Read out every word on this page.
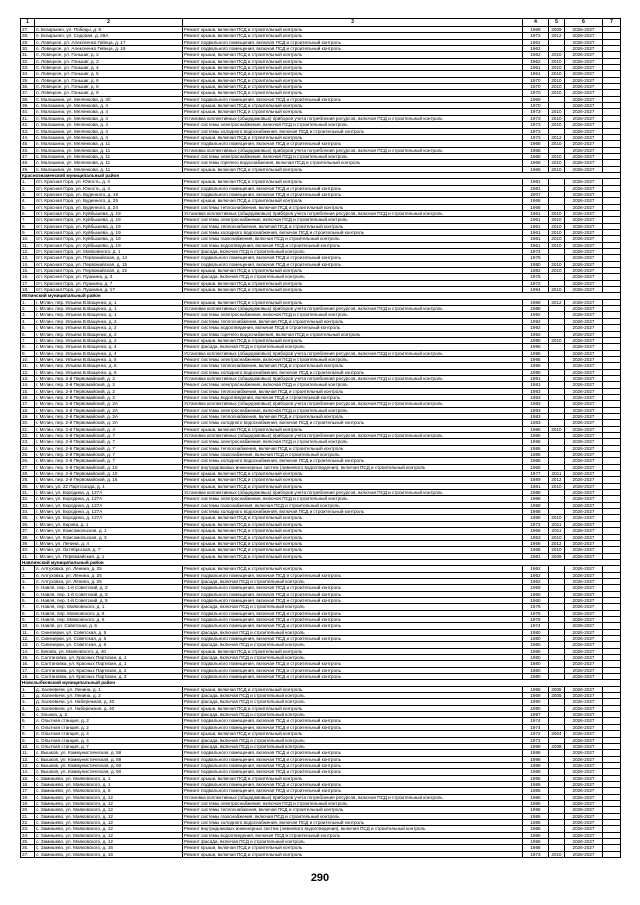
1	2	3	4	5	6	7
27.	п. Бозарьино, ул. Победы, д. 8	Ремонт крыши, включая ПСД и строительный контроль	1989	2009	2026-2027	
28.	п. Бозарьино, ул. Садовая, д. 29А	Ремонт крыши, включая ПСД и строительный контроль	1973	2012	2026-2027	
29.	п. Ловецкое, ул. Алексеенко Гейнца, д. 17	Ремонт подвального помещения, включая ПСД и строительный контроль	1962		2026-2027	
30.	п. Ловецкое, ул. Алексеенко Гейнца, д. 19	Ремонт подвального помещения, включая ПСД и строительный контроль	1962		2026-2027	
31.	п. Ловецкое, ул. Гоньшиг, д. 2	Ремонт крыши, включая ПСД и строительный контроль	1962	2010	2026-2027	
32.	п. Ловецкое, ул. Гоньшиг, д. 2	Ремонт крыши, включая ПСД и строительный контроль	1962	2010	2026-2027	
33.	п. Ловецкое, ул. Гоньшиг, д. 4	Ремонт крыши, включая ПСД и строительный контроль	1961	2010	2026-2027	
34.	п. Ловецкое, ул. Гоньшиг, д. 5	Ремонт крыши, включая ПСД и строительный контроль	1961	2010	2026-2027	
35.	п. Ловецкое, ул. Гоньшиг, д. 6	Ремонт крыши, включая ПСД и строительный контроль	1970	2010	2026-2027	
36.	п. Ловецкое, ул. Гоньшиг, д. 8	Ремонт крыши, включая ПСД и строительный контроль	1970	2010	2026-2027	
37.	п. Ловецкое, ул. Гоньшиг, д. 9	Ремонт крыши, включая ПСД и строительный контроль	1970	2010	2026-2027	
38.	п. Малашина, ул. Меленкова, д. 3б	Ремонт подвального помещения, включая ПСД и строительный контроль	1969		2026-2027	
39.	п. Малашина, ул. Меленкова, д. 4	Ремонт крыши, включая ПСД и строительный контроль	1970		2026-2027	
40.	п. Малашина, ул. Меленкова, д. 4	Ремонт крыши, включая ПСД и строительный контроль	1973	2010	2026-2027	
41.	п. Малашина, ул. Меленкова, д. 4	Установка коллективных (общедомовых) приборов учета потребления ресурсов, включая ПСД и строительный контроль	1973	2010	2026-2027	
42.	п. Малашина, ул. Меленкова, д. 4	Ремонт системы электроснабжения, включая ПСД и строительный контроль	1973	2010	2026-2027	
43.	п. Малашина, ул. Меленкова, д. 4	Ремонт системы холодного водоснабжения, включая ПСД и строительный контроль	1973		2026-2027	
44.	п. Малашина, ул. Меленкова, д. 4	Ремонт крыши, включая ПСД и строительный контроль	1973	2012	2026-2027	
45.	п. Малашина, ул. Меленкова, д. 11	Ремонт подвального помещения, включая ПСД и строительный контроль	1968	2010	2026-2027	
46.	п. Малашина, ул. Меленкова, д. 11	Установка коллективных (общедомовых) приборов учета потребления ресурсов, включая ПСД и строительный контроль	1968		2026-2027	
47.	п. Малашина, ул. Меленкова, д. 11	Ремонт системы электроснабжения, включая ПСД и строительный контроль	1968	2010	2026-2027	
48.	п. Малашина, ул. Меленкова, д. 11	Ремонт системы горячего водоснабжения, включая ПСД и строительный контроль	1968	2010	2026-2027	
49.	п. Малашина, ул. Меленкова, д. 11	Ремонт крыши, включая ПСД и строительный контроль	1968	2010	2026-2027	
Краснознаменский муниципальный район						
1.	пгт. Красная Гора, ул. Юность, д. 4	Ремонт крыши, включая ПСД и строительный контроль	1981		2026-2027	
2.	пгт. Красная Гора, ул. Юность, д. 4	Ремонт подвального помещения, включая ПСД и строительный контроль	1981		2026-2027	
3.	пгт. Красная Гора, ул. Буденного, д. 16	Ремонт подвального помещения, включая ПСД и строительный контроль	2007		2026-2027	
4.	пгт. Красная Гора, ул. Буденного, д. 25	Ремонт крыши, включая ПСД и строительный контроль	1968		2026-2027	
5.	пгт. Красная Гора, ул. Буденного, д. 24	Ремонт системы теплоснабжения, включая ПСД и строительный контроль	1968		2026-2027	
6.	пгт. Красная Гора, ул. Куйбышева, д. 19	Установка коллективных (общедомовых) приборов учета потребления ресурсов, включая ПСД и строительный контроль	1961	2010	2026-2027	
7.	пгт. Красная Гора, ул. Куйбышева, д. 19	Ремонт системы электроснабжения, включая ПСД и строительный контроль	1961	2010	2026-2027	
8.	пгт. Красная Гора, ул. Куйбышева, д. 19	Ремонт системы теплоснабжения, включая ПСД и строительный контроль	1961	2010	2026-2027	
9.	пгт. Красная Гора, ул. Куйбышева, д. 19	Ремонт системы холодного водоснабжения, включая ПСД и строительный контроль	1961	2010	2026-2027	
10.	пгт. Красная Гора, ул. Куйбышева, д. 19	Ремонт системы газоснабжения, включая ПСД и строительный контроль	1961	2010	2026-2027	
11.	пгт. Красная Гора, ул. Куйбышева, д. 19	Ремонт системы водоотведения, включая ПСД и строительный контроль	1961	2010	2026-2027	
12.	пгт. Красная Гора, ул. Маяковского, д. 1	Ремонт фасада, включая ПСД и строительный контроль	1974		2026-2027	
13.	пгт. Красная Гора, ул. Первомайская, д. 14	Ремонт подвального помещения, включая ПСД и строительный контроль	1976		2026-2027	
14.	пгт. Красная Гора, ул. Первомайская, д. 15	Ремонт подвального помещения, включая ПСД и строительный контроль	1980	2010	2026-2027	
15.	пгт. Красная Гора, ул. Первомайская, д. 22	Ремонт крыши, включая ПСД и строительный контроль	1982	2010	2026-2027	
16.	пгт. Красная Гора, ул. Пушкина, д. 3	Ремонт фасада, включая ПСД и строительный контроль	1976		2026-2027	
17.	пгт. Красная Гора, ул. Пушкина, д. 7	Ремонт крыши, включая ПСД и строительный контроль	1972		2026-2027	
18.	пгт. Красная Гора, ул. Пушкина, д. 17	Ремонт крыши, включая ПСД и строительный контроль	1994	2010	2026-2027	
Мглинский муниципальный район						
1.	г. Мглин, пер. Ильина В.Ващенко, д. 1	Ремонт крыши, включая ПСД и строительный контроль	1988	2012	2026-2027	
2.	г. Мглин, пер. Ильина В.Ващенко, д. 1	Установка коллективных (общедомовых) приборов учета потребления ресурсов, включая ПСД и строительный контроль	1988		2026-2027	
3.	г. Мглин, пер. Ильина В.Ващенко, д. 1	Ремонт системы электроснабжения, включая ПСД и строительный контроль	1992		2026-2027	
4.	г. Мглин, пер. Ильина В.Ващенко, д. 2	Ремонт системы теплоснабжения, включая ПСД и строительный контроль	1992		2026-2027	
5.	г. Мглин, пер. Ильина В.Ващенко, д. 2	Ремонт системы водоотведения, включая ПСД и строительный контроль	1992		2026-2027	
6.	г. Мглин, пер. Ильина В.Ващенко, д. 2	Ремонт системы горячего водоснабжения, включая ПСД и строительный контроль	1992		2026-2027	
7.	г. Мглин, пер. Ильина В.Ващенко, д. 2	Ремонт крыши, включая ПСД и строительный контроль	1995	2010	2026-2027	
8.	г. Мглин, пер. Ильина В.Ващенко, д. 4	Ремонт фасада, включая ПСД и строительный контроль	1995		2026-2027	
9.	г. Мглин, пер. Ильина В.Ващенко, д. 4	Установка коллективных (общедомовых) приборов учета потребления ресурсов, включая ПСД и строительный контроль	1995		2026-2027	
10.	г. Мглин, пер. Ильина В.Ващенко, д. 5	Ремонт системы электроснабжения, включая ПСД и строительный контроль	1995		2026-2027	
11.	г. Мглин, пер. Ильина В.Ващенко, д. 6	Ремонт системы теплоснабжения, включая ПСД и строительный контроль	1995		2026-2027	
12.	г. Мглин, пер. Ильина В.Ващенко, д. 6	Ремонт системы холодного водоснабжения, включая ПСД и строительный контроль	1995		2026-2027	
13.	г. Мглин, пер. 2-й Первомайский, д. 2	Установка коллективных (общедомовых) приборов учета потребления ресурсов, включая ПСД и строительный контроль	1981		2026-2027	
14.	г. Мглин, пер. 2-й Первомайский, д. 2	Ремонт системы электроснабжения, включая ПСД и строительный контроль	1981		2026-2027	
15.	г. Мглин, пер. 2-й Первомайский, д. 2	Ремонт системы теплоснабжения, включая ПСД и строительный контроль	1983		2026-2027	
16.	г. Мглин, пер. 2-й Первомайский, д. 2	Ремонт системы водоотведения, включая ПСД и строительный контроль	1983		2026-2027	
17.	г. Мглин, пер. 2-й Первомайский, д. 2А	Установка коллективных (общедомовых) приборов учета потребления ресурсов, включая ПСД и строительный контроль	1983		2026-2027	
18.	г. Мглин, пер. 2-й Первомайский, д. 2А	Ремонт системы электроснабжения, включая ПСД и строительный контроль	1983		2026-2027	
19.	г. Мглин, пер. 2-й Первомайский, д. 2А	Ремонт системы теплоснабжения, включая ПСД и строительный контроль	1983		2026-2027	
20.	г. Мглин, пер. 2-й Первомайский, д. 2А	Ремонт системы холодного водоснабжения, включая ПСД и строительный контроль	1983		2026-2027	
21.	г. Мглин, пер. 2-й Первомайский, д. 4	Ремонт крыши, включая ПСД и строительный контроль	1986	2010	2026-2027	
22.	г. Мглин, пер. 2-й Первомайский, д. 7	Установка коллективных (общедомовых) приборов учета потребления ресурсов, включая ПСД и строительный контроль	1986		2026-2027	
23.	г. Мглин, пер. 2-й Первомайский, д. 7	Ремонт системы электроснабжения, включая ПСД и строительный контроль	1986		2026-2027	
24.	г. Мглин, пер. 2-й Первомайский, д. 7	Ремонт системы теплоснабжения, включая ПСД и строительный контроль	1986		2026-2027	
25.	г. Мглин, пер. 2-й Первомайский, д. 7	Ремонт системы газоснабжения, включая ПСД и строительный контроль	1986		2026-2027	
26.	г. Мглин, пер. 2-й Первомайский, д. 7	Ремонт системы холодного водоснабжения, включая ПСД и строительный контроль	1986		2026-2027	
27.	г. Мглин, пер. 2-й Первомайский, д. 10	Ремонт внутридомовых инженерных систем (ливневого водоотведения), включая ПСД и строительный контроль	1966		2026-2027	
28.	г. Мглин, пер. 2-й Первомайский, д. 10	Ремонт крыши, включая ПСД и строительный контроль	1977	2011	2026-2027	
29.	г. Мглин, пер. 2-й Первомайский, д. 16	Ремонт крыши, включая ПСД и строительный контроль	1989	2012	2026-2027	
30.	г. Мглин, ул. 22 Партсъезда, д. 1	Ремонт крыши, включая ПСД и строительный контроль	1981	2010	2026-2027	
31.	г. Мглин, ул. Бородина, д. 127А	Установка коллективных (общедомовых) приборов учета потребления ресурсов, включая ПСД и строительный контроль	1988		2026-2027	
32.	г. Мглин, ул. Бородина, д. 127А	Ремонт системы электроснабжения, включая ПСД и строительный контроль	1988		2026-2027	
33.	г. Мглин, ул. Бородина, д. 127А	Ремонт системы газоснабжения, включая ПСД и строительный контроль	1988		2026-2027	
34.	г. Мглин, ул. Бородина, д. 127А	Ремонт системы холодного водоснабжения, включая ПСД и строительный контроль	1988		2026-2027	
35.	г. Мглин, ул. Бородина, д. 127А	Ремонт крыши, включая ПСД и строительный контроль	1988	2010	2026-2027	
36.	г. Мглин, ул. Кирова, д. 1	Ремонт крыши, включая ПСД и строительный контроль	1972	2011	2026-2027	
37.	г. Мглин, ул. Комсомольская, д. 1	Ремонт крыши, включая ПСД и строительный контроль	1966	2011	2026-2027	
38.	г. Мглин, ул. Комсомольская, д. 3	Ремонт крыши, включая ПСД и строительный контроль	1963	2010	2026-2027	
39.	г. Мглин, ул. Ленина, д. 4	Ремонт крыши, включая ПСД и строительный контроль	1958	2012	2026-2027	
40.	г. Мглин, ул. Октябрьская, д. 7	Ремонт крыши, включая ПСД и строительный контроль	1968	2010	2026-2027	
41.	г. Мглин, ул. Первомайская, д. 1	Ремонт крыши, включая ПСД и строительный контроль	1981	2009	2026-2027	
Навлинский муниципальный район						
1.	п. Алтуховка, ул. Ленина, д. 25	Ремонт крыши, включая ПСД и строительный контроль	1962		2026-2027	
2.	п. Алтуховка, ул. Ленина, д. 25	Ремонт подвального помещения, включая ПСД и строительный контроль	1962		2026-2027	
3.	п. Алтуховка, ул. Ленина, д. 25	Ремонт фасада, включая ПСД и строительный контроль	1962		2026-2027	
4.	п. Навля, пер. 1-й Советский, д. 3	Ремонт подвального помещения, включая ПСД и строительный контроль	1959		2026-2027	
5.	п. Навля, пер. 1-й Советский, д. 3	Ремонт подвального помещения, включая ПСД и строительный контроль	1960		2026-2027	
6.	п. Навля, пер. 1-й Советский, д. 5	Ремонт подвального помещения, включая ПСД и строительный контроль	1960		2026-2027	
7.	п. Навля, пер. Маяковского, д. 1	Ремонт фасада, включая ПСД и строительный контроль	1976		2026-2027	
8.	п. Навля, пер. Маяковского, д. 6	Ремонт подвального помещения, включая ПСД и строительный контроль	1976		2026-2027	
9.	п. Навля, пер. Маяковского, д. 6	Ремонт подвального помещения, включая ПСД и строительный контроль	1976		2026-2027	
10.	п. Навля, ул. Советская, д. 5	Ремонт подвального помещения, включая ПСД и строительный контроль	1974		2026-2027	
11.	п. Синезерки, ул. Советская, д. 5	Ремонт фасада, включая ПСД и строительный контроль	1980		2026-2027	
12.	п. Синезерки, ул. Советская, д. 6	Ремонт подвального помещения, включая ПСД и строительный контроль	1980		2026-2027	
13.	п. Синезерки, ул. Советская, д. 6	Ремонт фасада, включая ПСД и строительный контроль	1980		2026-2027	
14.	п. Бякова, ул. Маяковского, д. 40	Ремонт крыши, включая ПСД и строительный контроль	1986		2026-2027	
15.	п. Салтановка, ул. Красных Партизан, д. 1	Ремонт фасада, включая ПСД и строительный контроль	1980		2026-2027	
16.	п. Салтановка, ул. Красных Партизан, д. 1	Ремонт подвального помещения, включая ПСД и строительный контроль	1980		2026-2027	
17.	п. Салтановка, ул. Красных Партизан, д. 2	Ремонт подвального помещения, включая ПСД и строительный контроль	1980		2026-2027	
18.	п. Салтановка, ул. Красных Партизан, д. 2	Ремонт подвального помещения, включая ПСД и строительный контроль	1980		2026-2027	
Новозыбковский муниципальный район						
1.	д. Халеевичи, ул. Ленина, д. 1	Ремонт крыши, включая ПСД и строительный контроль	1968	2005	2026-2027	
2.	д. Халеевичи, ул. Ленина, д. 3	Ремонт фасада, включая ПСД и строительный контроль	1968	2005	2026-2027	
3.	д. Халеевичи, ул. Набережная, д. 40	Ремонт фасада, включая ПСД и строительный контроль	1990		2026-2027	
4.	д. Халеевичи, ул. Набережная, д. 40	Ремонт крыши, включая ПСД и строительный контроль	1990		2026-2027	
5.	с. Злынка, д. 2	Ремонт фасада, включая ПСД и строительный контроль	1997		2026-2027	
6.	п. Опытная станция, д. 2	Ремонт подвального помещения, включая ПСД и строительный контроль	1974		2026-2027	
7.	п. Опытная станция, д. 2	Ремонт подвального помещения, включая ПСД и строительный контроль	1974		2026-2027	
8.	п. Опытная станция, д. 4	Ремонт крыши, включая ПСД и строительный контроль	1972	2004	2026-2027	
9.	п. Опытная станция, д. 4	Ремонт фасада, включая ПСД и строительный контроль	1972		2026-2027	
10.	п. Опытная станция, д. 7	Ремонт фасада, включая ПСД и строительный контроль	1989	2008	2026-2027	
11.	с. Вышков, ул. Коммунистическая, д. 58	Ремонт подвального помещения, включая ПСД и строительный контроль	1986		2026-2027	
12.	с. Вышков, ул. Коммунистическая, д. 59	Ремонт подвального помещения, включая ПСД и строительный контроль	1986		2026-2027	
13.	с. Вышков, ул. Коммунистическая, д. 60	Ремонт подвального помещения, включая ПСД и строительный контроль	1988		2026-2027	
14.	с. Вышков, ул. Коммунистическая, д. 60	Ремонт подвального помещения, включая ПСД и строительный контроль	1988		2026-2027	
15.	с. Замишево, ул. Маяковского, д. 1	Ремонт крыши, включая ПСД и строительный контроль	1985		2026-2027	
16.	с. Замишево, ул. Маяковского, д. 1	Ремонт подвального помещения, включая ПСД и строительный контроль	1985		2026-2027	
17.	с. Замишево, ул. Маяковского, д. 6	Ремонт подвального помещения, включая ПСД и строительный контроль	1985		2026-2027	
18.	с. Замишево, ул. Маяковского, д. 12	Установка коллективных (общедомовых) приборов учета потребления ресурсов, включая ПСД и строительный контроль	1986		2026-2027	
19.	с. Замишево, ул. Маяковского, д. 12	Ремонт системы электроснабжения, включая ПСД и строительный контроль	1986		2026-2027	
20.	с. Замишево, ул. Маяковского, д. 12	Ремонт системы теплоснабжения, включая ПСД и строительный контроль	1986		2026-2027	
21.	с. Замишево, ул. Маяковского, д. 12	Ремонт системы газоснабжения, включая ПСД и строительный контроль	1986		2026-2027	
22.	с. Замишево, ул. Маяковского, д. 12	Ремонт системы холодного водоснабжения, включая ПСД и строительный контроль	1986		2026-2027	
23.	с. Замишево, ул. Маяковского, д. 12	Ремонт внутридомовых инженерных систем (ливневого водоотведения), включая ПСД и строительный контроль	1986		2026-2027	
24.	с. Замишево, ул. Маяковского, д. 12	Ремонт системы водоотведения, включая ПСД и строительный контроль	1986		2026-2027	
25.	с. Замишево, ул. Маяковского, д. 12	Ремонт фасада, включая ПСД и строительный контроль	1986		2026-2027	
26.	с. Замишево, ул. Маяковского, д. 16	Ремонт крыши, включая ПСД и строительный контроль	1988		2026-2027	
27.	с. Замишево, ул. Маяковского, д. 16	Ремонт крыши, включая ПСД и строительный контроль	1973	2010	2026-2027	
290
